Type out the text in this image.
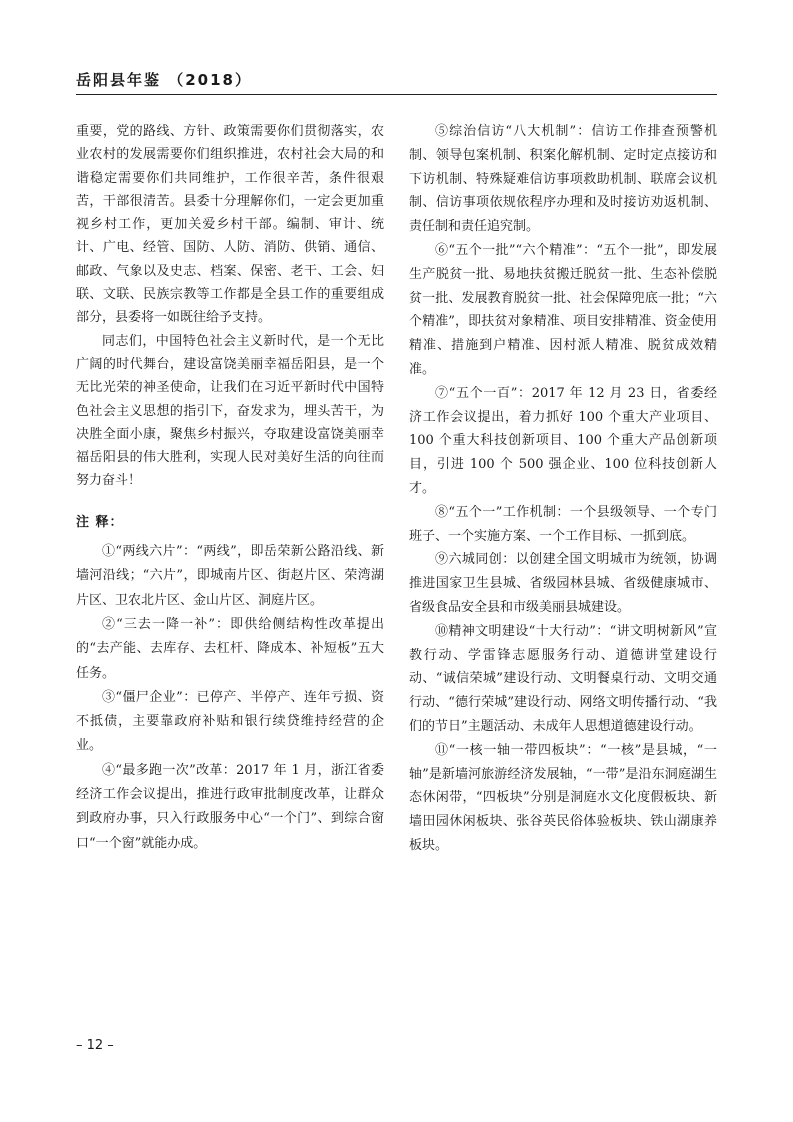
岳阳县年鉴 （2018）

重要，党的路线、方针、政策需要你们贯彻落实，农业农村的发展需要你们组织推进，农村社会大局的和谐稳定需要你们共同维护，工作很辛苦，条件很艰苦，干部很清苦。县委十分理解你们，一定会更加重视乡村工作，更加关爱乡村干部。编制、审计、统计、广电、经管、国防、人防、消防、供销、通信、邮政、气象以及史志、档案、保密、老干、工会、妇联、文联、民族宗教等工作都是全县工作的重要组成部分，县委将一如既往给予支持。

同志们，中国特色社会主义新时代，是一个无比广阔的时代舞台，建设富饶美丽幸福岳阳县，是一个无比光荣的神圣使命，让我们在习近平新时代中国特色社会主义思想的指引下，奋发求为，埋头苦干，为决胜全面小康，聚焦乡村振兴，夺取建设富饶美丽幸福岳阳县的伟大胜利，实现人民对美好生活的向往而努力奋斗！

注 释：

①“两线六片”：“两线”，即岳荣新公路沿线、新墙河沿线；“六片”，即城南片区、街赵片区、荣湾湖片区、卫农北片区、金山片区、洞庭片区。

②“三去一降一补”：即供给侧结构性改革提出的“去产能、去库存、去杠杆、降成本、补短板”五大任务。

③“僵尸企业”：已停产、半停产、连年亏损、资不抵债，主要靠政府补贴和银行续贷维持经营的企业。

④“最多跑一次”改革：2017 年 1 月，浙江省委经济工作会议提出，推进行政审批制度改革，让群众到政府办事，只入行政服务中心“一个门”、到综合窗口“一个窗”就能办成。

⑤综治信访“八大机制”：信访工作排查预警机制、领导包案机制、积案化解机制、定时定点接访和下访机制、特殊疑难信访事项救助机制、联席会议机制、信访事项依规依程序办理和及时接访劝返机制、责任制和责任追究制。

⑥“五个一批”“六个精准”：“五个一批”，即发展生产脱贫一批、易地扶贫搬迁脱贫一批、生态补偿脱贫一批、发展教育脱贫一批、社会保障兜底一批；“六个精准”，即扶贫对象精准、项目安排精准、资金使用精准、措施到户精准、因村派人精准、脱贫成效精准。

⑦“五个一百”：2017 年 12 月 23 日，省委经济工作会议提出，着力抓好 100 个重大产业项目、100 个重大科技创新项目、100 个重大产品创新项目，引进 100 个 500 强企业、100 位科技创新人才。

⑧“五个一”工作机制：一个县级领导、一个专门班子、一个实施方案、一个工作目标、一抓到底。

⑨六城同创：以创建全国文明城市为统领，协调推进国家卫生县城、省级园林县城、省级健康城市、省级食品安全县和市级美丽县城建设。

⑩精神文明建设“十大行动”：“讲文明树新风”宣教行动、学雷锋志愿服务行动、道德讲堂建设行动、“诚信荣城”建设行动、文明餐桌行动、文明交通行动、“德行荣城”建设行动、网络文明传播行动、“我们的节日”主题活动、未成年人思想道德建设行动。

⑪“一核一轴一带四板块”：“一核”是县城，“一轴”是新墙河旅游经济发展轴，“一带”是沿东洞庭湖生态休闲带，“四板块”分别是洞庭水文化度假板块、新墙田园休闲板块、张谷英民俗体验板块、铁山湖康养板块。

– 12 –
